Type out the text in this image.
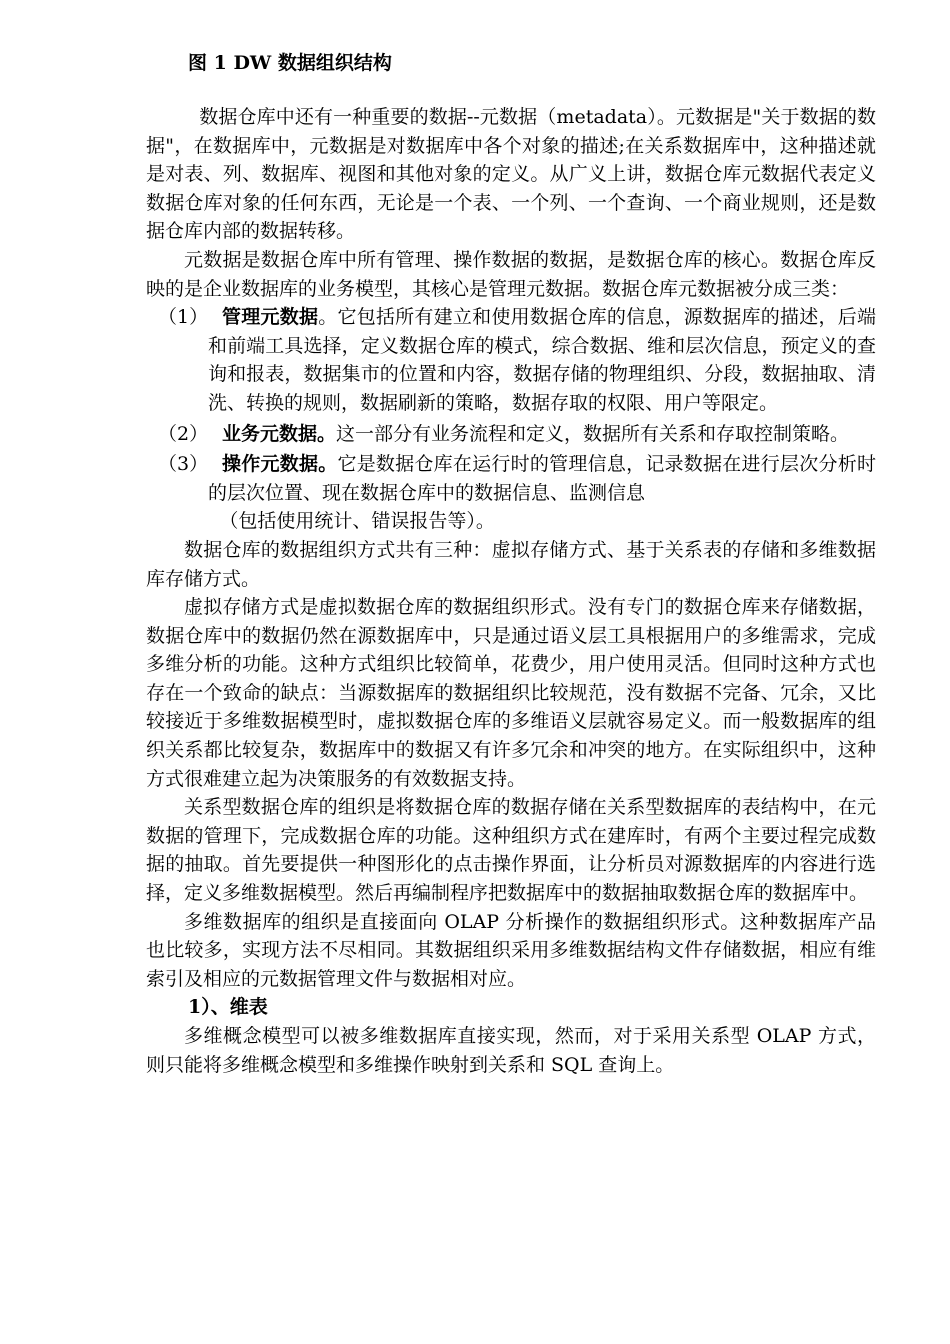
图 1 DW 数据组织结构

数据仓库中还有一种重要的数据--元数据（metadata）。元数据是"关于数据的数据"，在数据库中，元数据是对数据库中各个对象的描述;在关系数据库中，这种描述就是对表、列、数据库、视图和其他对象的定义。从广义上讲，数据仓库元数据代表定义数据仓库对象的任何东西，无论是一个表、一个列、一个查询、一个商业规则，还是数据仓库内部的数据转移。

元数据是数据仓库中所有管理、操作数据的数据，是数据仓库的核心。数据仓库反映的是企业数据库的业务模型，其核心是管理元数据。数据仓库元数据被分成三类：

（1） 管理元数据。它包括所有建立和使用数据仓库的信息，源数据库的描述，后端和前端工具选择，定义数据仓库的模式，综合数据、维和层次信息，预定义的查询和报表，数据集市的位置和内容，数据存储的物理组织、分段，数据抽取、清洗、转换的规则，数据刷新的策略，数据存取的权限、用户等限定。

（2） 业务元数据。这一部分有业务流程和定义，数据所有关系和存取控制策略。

（3） 操作元数据。它是数据仓库在运行时的管理信息，记录数据在进行层次分析时的层次位置、现在数据仓库中的数据信息、监测信息
（包括使用统计、错误报告等）。

数据仓库的数据组织方式共有三种：虚拟存储方式、基于关系表的存储和多维数据库存储方式。

虚拟存储方式是虚拟数据仓库的数据组织形式。没有专门的数据仓库来存储数据，数据仓库中的数据仍然在源数据库中，只是通过语义层工具根据用户的多维需求，完成多维分析的功能。这种方式组织比较简单，花费少，用户使用灵活。但同时这种方式也存在一个致命的缺点：当源数据库的数据组织比较规范，没有数据不完备、冗余，又比较接近于多维数据模型时，虚拟数据仓库的多维语义层就容易定义。而一般数据库的组织关系都比较复杂，数据库中的数据又有许多冗余和冲突的地方。在实际组织中，这种方式很难建立起为决策服务的有效数据支持。

关系型数据仓库的组织是将数据仓库的数据存储在关系型数据库的表结构中，在元数据的管理下，完成数据仓库的功能。这种组织方式在建库时，有两个主要过程完成数据的抽取。首先要提供一种图形化的点击操作界面，让分析员对源数据库的内容进行选择，定义多维数据模型。然后再编制程序把数据库中的数据抽取数据仓库的数据库中。

多维数据库的组织是直接面向 OLAP 分析操作的数据组织形式。这种数据库产品也比较多，实现方法不尽相同。其数据组织采用多维数据结构文件存储数据，相应有维索引及相应的元数据管理文件与数据相对应。

1）、维表

多维概念模型可以被多维数据库直接实现，然而，对于采用关系型 OLAP 方式，则只能将多维概念模型和多维操作映射到关系和 SQL 查询上。
